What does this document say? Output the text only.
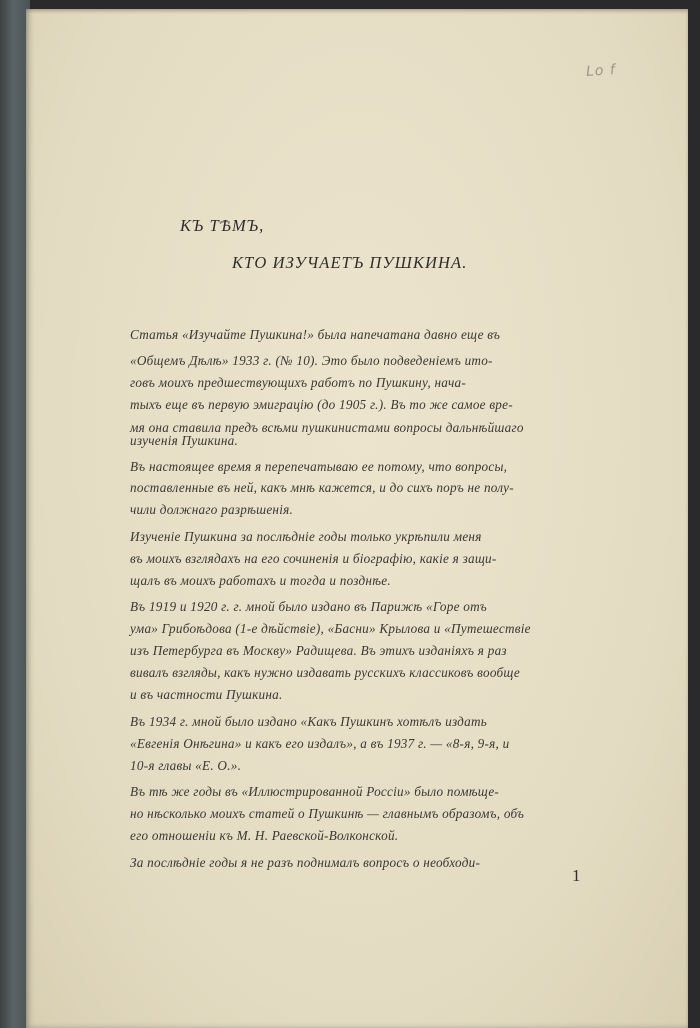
Lo f
КЪ ТѢМЪ,
КТО ИЗУЧАЕТЪ ПУШКИНА.
Статья «Изучайте Пушкина!» была напечатана давно еще въ
«Общемъ Дѣлѣ» 1933 г. (№ 10). Это было подведеніемъ ито-
говъ моихъ предшествующихъ работъ по Пушкину, нача-
тыхъ еще въ первую эмиграцію (до 1905 г.). Въ то же самое вре-
мя она ставила предъ всѣми пушкинистами вопросы дальнѣйшаго
изученія Пушкина.
Въ настоящее время я перепечатываю ее потому, что вопросы,
поставленные въ ней, какъ мнѣ кажется, и до сихъ поръ не полу-
чили должнаго разрѣшенія.
Изученіе Пушкина за послѣдніе годы только укрѣпили меня
въ моихъ взглядахъ на его сочиненія и біографію, какіе я защи-
щалъ въ моихъ работахъ и тогда и позднѣе.
Въ 1919 и 1920 г. г. мной было издано въ Парижѣ «Горе отъ
ума» Грибоѣдова (1-е дѣйствіе), «Басни» Крылова и «Путешествіе
изъ Петербурга въ Москву» Радищева. Въ этихъ изданіяхъ я раз
вивалъ взгляды, какъ нужно издавать русскихъ классиковъ вообще
и въ частности Пушкина.
Въ 1934 г. мной было издано «Какъ Пушкинъ хотѣлъ издать
«Евгенія Онѣгина» и какъ его издалъ», а въ 1937 г. — «8-я, 9-я, и
10-я главы «Е. О.».
Въ тѣ же годы въ «Иллюстрированной Россіи» было помѣще-
но нѣсколько моихъ статей о Пушкинѣ — главнымъ образомъ, объ
его отношеніи къ М. Н. Раевской-Волконской.
За послѣдніе годы я не разъ поднималъ вопросъ о необходи-
1
